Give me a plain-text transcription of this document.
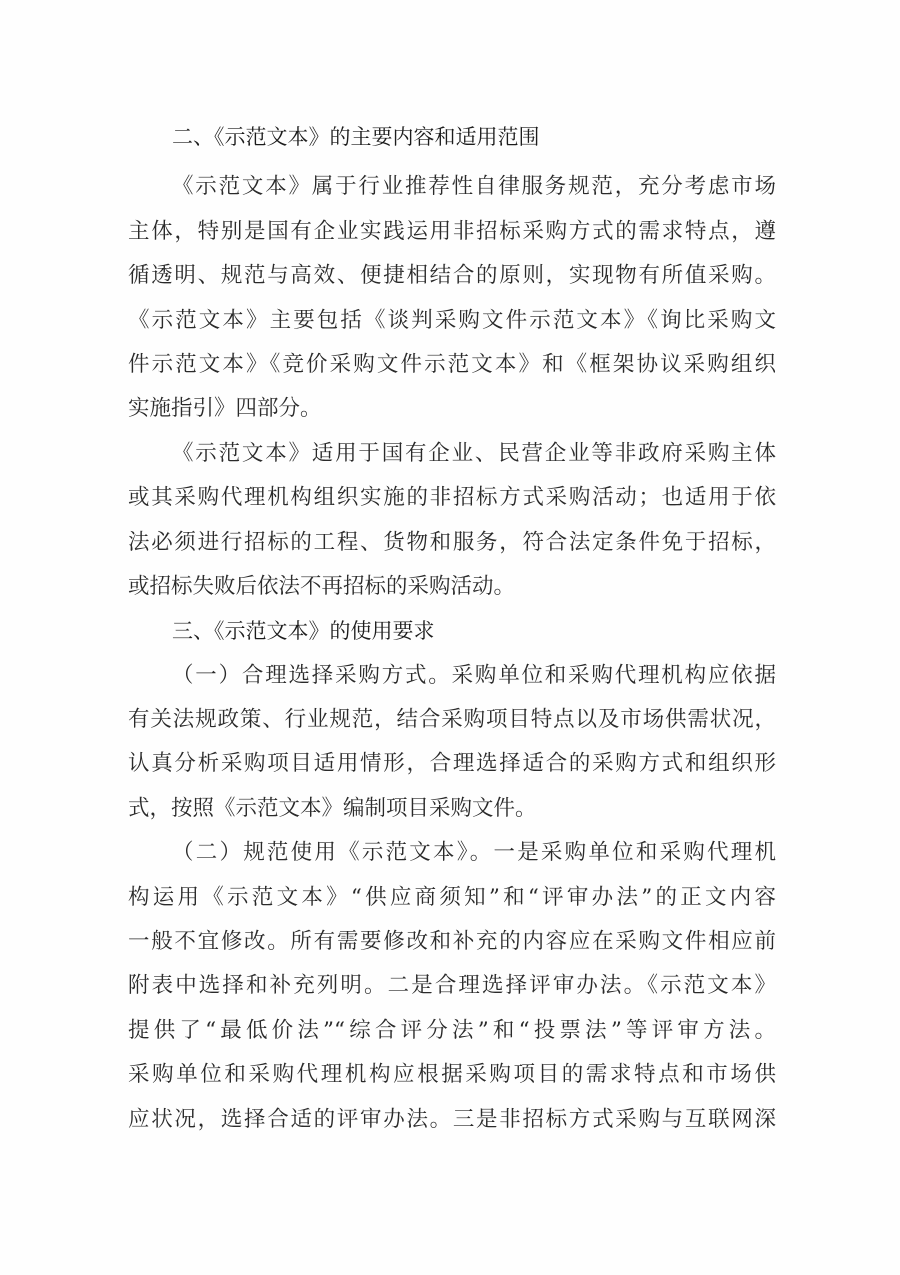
二、《示范文本》的主要内容和适用范围
《示范文本》属于行业推荐性自律服务规范，充分考虑市场
主体，特别是国有企业实践运用非招标采购方式的需求特点，遵
循透明、规范与高效、便捷相结合的原则，实现物有所值采购。
《示范文本》主要包括《谈判采购文件示范文本》《询比采购文
件示范文本》《竞价采购文件示范文本》和《框架协议采购组织
实施指引》四部分。
《示范文本》适用于国有企业、民营企业等非政府采购主体
或其采购代理机构组织实施的非招标方式采购活动；也适用于依
法必须进行招标的工程、货物和服务，符合法定条件免于招标，
或招标失败后依法不再招标的采购活动。
三、《示范文本》的使用要求
（一）合理选择采购方式。采购单位和采购代理机构应依据
有关法规政策、行业规范，结合采购项目特点以及市场供需状况，
认真分析采购项目适用情形，合理选择适合的采购方式和组织形
式，按照《示范文本》编制项目采购文件。
（二）规范使用《示范文本》。一是采购单位和采购代理机
构运用《示范文本》“供应商须知”和“评审办法”的正文内容
一般不宜修改。所有需要修改和补充的内容应在采购文件相应前
附表中选择和补充列明。二是合理选择评审办法。《示范文本》
提供了“最低价法”“综合评分法”和“投票法”等评审方法。
采购单位和采购代理机构应根据采购项目的需求特点和市场供
应状况，选择合适的评审办法。三是非招标方式采购与互联网深
